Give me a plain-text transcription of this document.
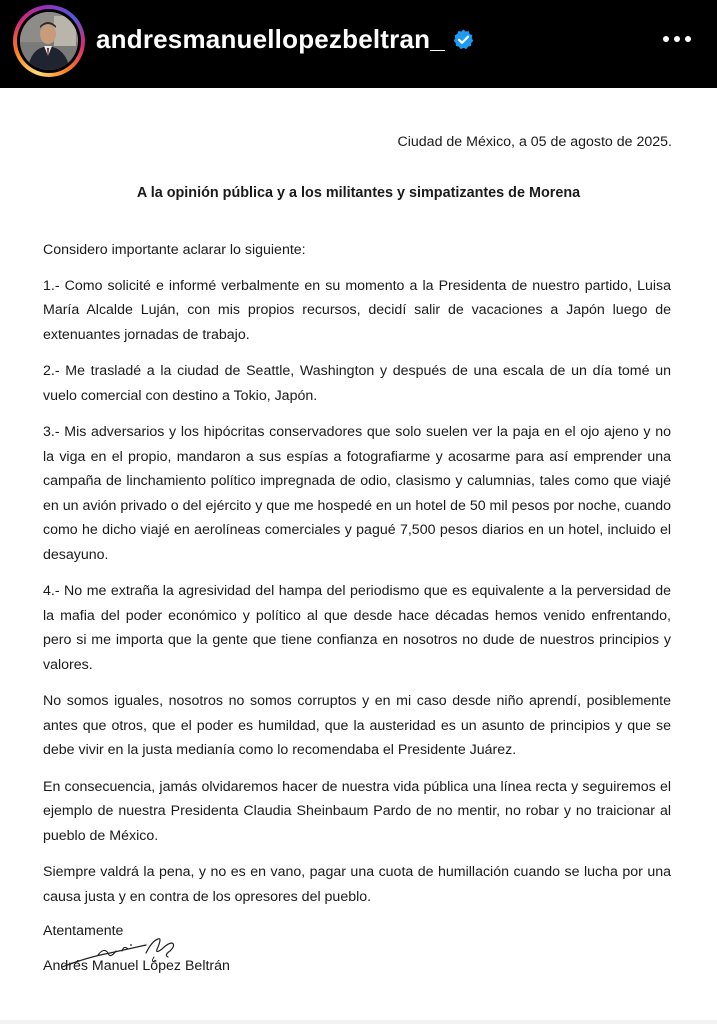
andresmanuellopezbeltran_
Ciudad de México, a 05 de agosto de 2025.
A la opinión pública y a los militantes y simpatizantes de Morena

Considero importante aclarar lo siguiente:

1.- Como solicité e informé verbalmente en su momento a la Presidenta de nuestro partido, Luisa María Alcalde Luján, con mis propios recursos, decidí salir de vacaciones a Japón luego de extenuantes jornadas de trabajo.

2.- Me trasladé a la ciudad de Seattle, Washington y después de una escala de un día tomé un vuelo comercial con destino a Tokio, Japón.

3.- Mis adversarios y los hipócritas conservadores que solo suelen ver la paja en el ojo ajeno y no la viga en el propio, mandaron a sus espías a fotografiarme y acosarme para así emprender una campaña de linchamiento político impregnada de odio, clasismo y calumnias, tales como que viajé en un avión privado o del ejército y que me hospedé en un hotel de 50 mil pesos por noche, cuando como he dicho viajé en aerolíneas comerciales y pagué 7,500 pesos diarios en un hotel, incluido el desayuno.

4.- No me extraña la agresividad del hampa del periodismo que es equivalente a la perversidad de la mafia del poder económico y político al que desde hace décadas hemos venido enfrentando, pero si me importa que la gente que tiene confianza en nosotros no dude de nuestros principios y valores.

No somos iguales, nosotros no somos corruptos y en mi caso desde niño aprendí, posiblemente antes que otros, que el poder es humildad, que la austeridad es un asunto de principios y que se debe vivir en la justa medianía como lo recomendaba el Presidente Juárez.

En consecuencia, jamás olvidaremos hacer de nuestra vida pública una línea recta y seguiremos el ejemplo de nuestra Presidenta Claudia Sheinbaum Pardo de no mentir, no robar y no traicionar al pueblo de México.

Siempre valdrá la pena, y no es en vano, pagar una cuota de humillación cuando se lucha por una causa justa y en contra de los opresores del pueblo.

Atentamente
Andrés Manuel López Beltrán
